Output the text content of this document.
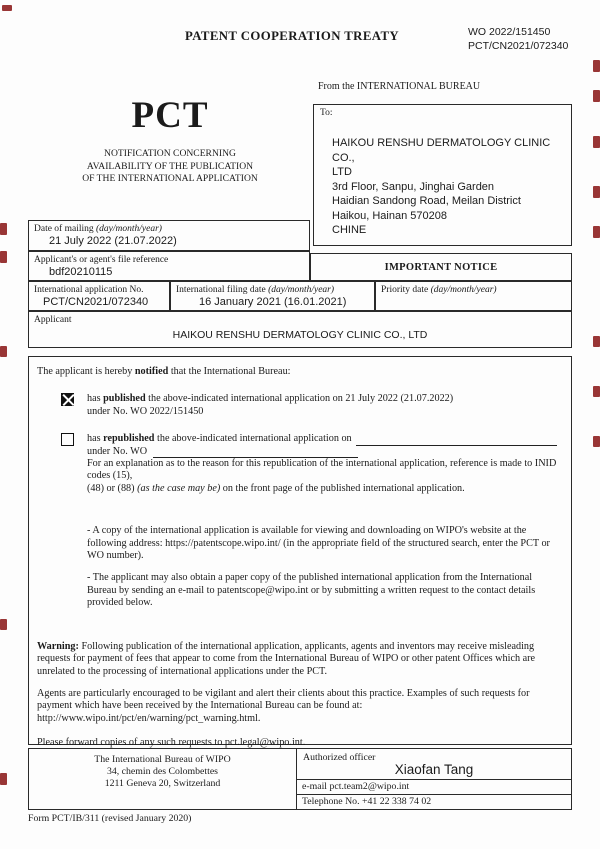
PATENT COOPERATION TREATY	WO 2022/151450
PCT/CN2021/072340
From the INTERNATIONAL BUREAU
PCT
NOTIFICATION CONCERNING
AVAILABILITY OF THE PUBLICATION
OF THE INTERNATIONAL APPLICATION
To:
HAIKOU RENSHU DERMATOLOGY CLINIC CO.,
LTD
3rd Floor, Sanpu, Jinghai Garden
Haidian Sandong Road, Meilan District
Haikou, Hainan 570208
CHINE
Date of mailing (day/month/year)
21 July 2022 (21.07.2022)
Applicant's or agent's file reference
bdf20210115	IMPORTANT NOTICE
International application No.
PCT/CN2021/072340
International filing date (day/month/year)
16 January 2021 (16.01.2021)
Priority date (day/month/year)
Applicant
HAIKOU RENSHU DERMATOLOGY CLINIC CO., LTD
The applicant is hereby notified that the International Bureau:
has published the above-indicated international application on 21 July 2022 (21.07.2022)
under No. WO 2022/151450
has republished the above-indicated international application on
under No. WO
For an explanation as to the reason for this republication of the international application, reference is made to INID codes (15),
(48) or (88) (as the case may be) on the front page of the published international application.
- A copy of the international application is available for viewing and downloading on WIPO's website at the following address: https://patentscope.wipo.int/ (in the appropriate field of the structured search, enter the PCT or WO number).
- The applicant may also obtain a paper copy of the published international application from the International Bureau by sending an e-mail to patentscope@wipo.int or by submitting a written request to the contact details provided below.
Warning: Following publication of the international application, applicants, agents and inventors may receive misleading requests for payment of fees that appear to come from the International Bureau of WIPO or other patent Offices which are unrelated to the processing of international applications under the PCT.
Agents are particularly encouraged to be vigilant and alert their clients about this practice. Examples of such requests for payment which have been received by the International Bureau can be found at: http://www.wipo.int/pct/en/warning/pct_warning.html.
Please forward copies of any such requests to pct.legal@wipo.int.
The International Bureau of WIPO
34, chemin des Colombettes
1211 Geneva 20, Switzerland
Authorized officer
Xiaofan Tang
e-mail pct.team2@wipo.int
Telephone No. +41 22 338 74 02
Form PCT/IB/311 (revised January 2020)
